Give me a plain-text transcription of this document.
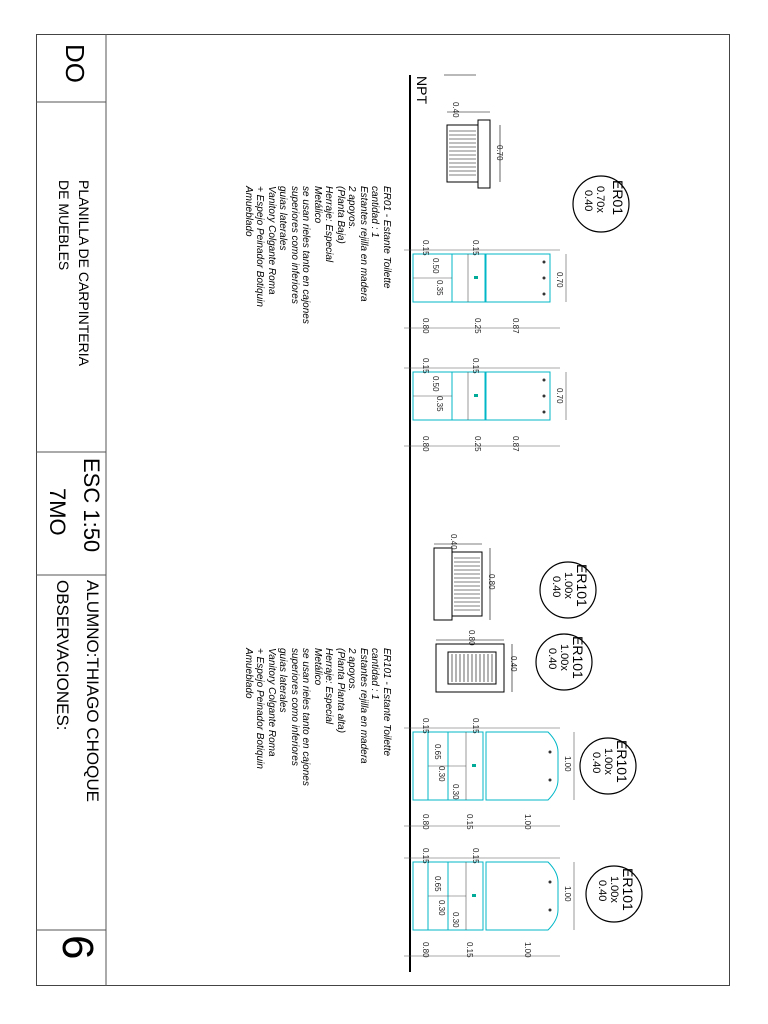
DO
PLANILLA DE CARPINTERIA
DE MUEBLES
ESC 1:50
7MO
ALUMNO:THIAGO CHOQUE
OBSERVACIONES:
6
NPT
0.40
0.70
ER01
0.70x
0.40
ER01 - Estante Toilette
cantidad : 1
Estantes rejilla en madera
2 apoyos.
(Planta Baja)
Herraje: Especial
Metálico
se usan rieles tanto en cajones
superiores como inferiores
guias laterales
Vanitory Colgante Roma
+ Espejo Peinador Botiquin
Amueblado
0.15	0.15
0.50
0.35
0.70
0.80	0.25	0.87
0.15	0.15
0.50
0.35
0.70
0.80	0.25	0.87
0.40
0.80
0.80
0.40
ER101
1.00x
0.40
ER101
1.00x
0.40
ER101
1.00x
0.40
ER101
1.00x
0.40
ER101 - Estante Toilette
cantidad : 1
Estantes rejilla en madera
2 apoyos.
(Planta Planta alta)
Herraje: Especial
Metálico
se usan rieles tanto en cajones
superiores como inferiores
guias laterales
Vanitory Colgante Roma
+ Espejo Peinador Botiquin
Amueblado
0.15	0.15
0.65
0.30
0.30
1.00
0.80	0.15	1.00
0.15	0.15
0.65
0.30
0.30
1.00
0.80	0.15	1.00
